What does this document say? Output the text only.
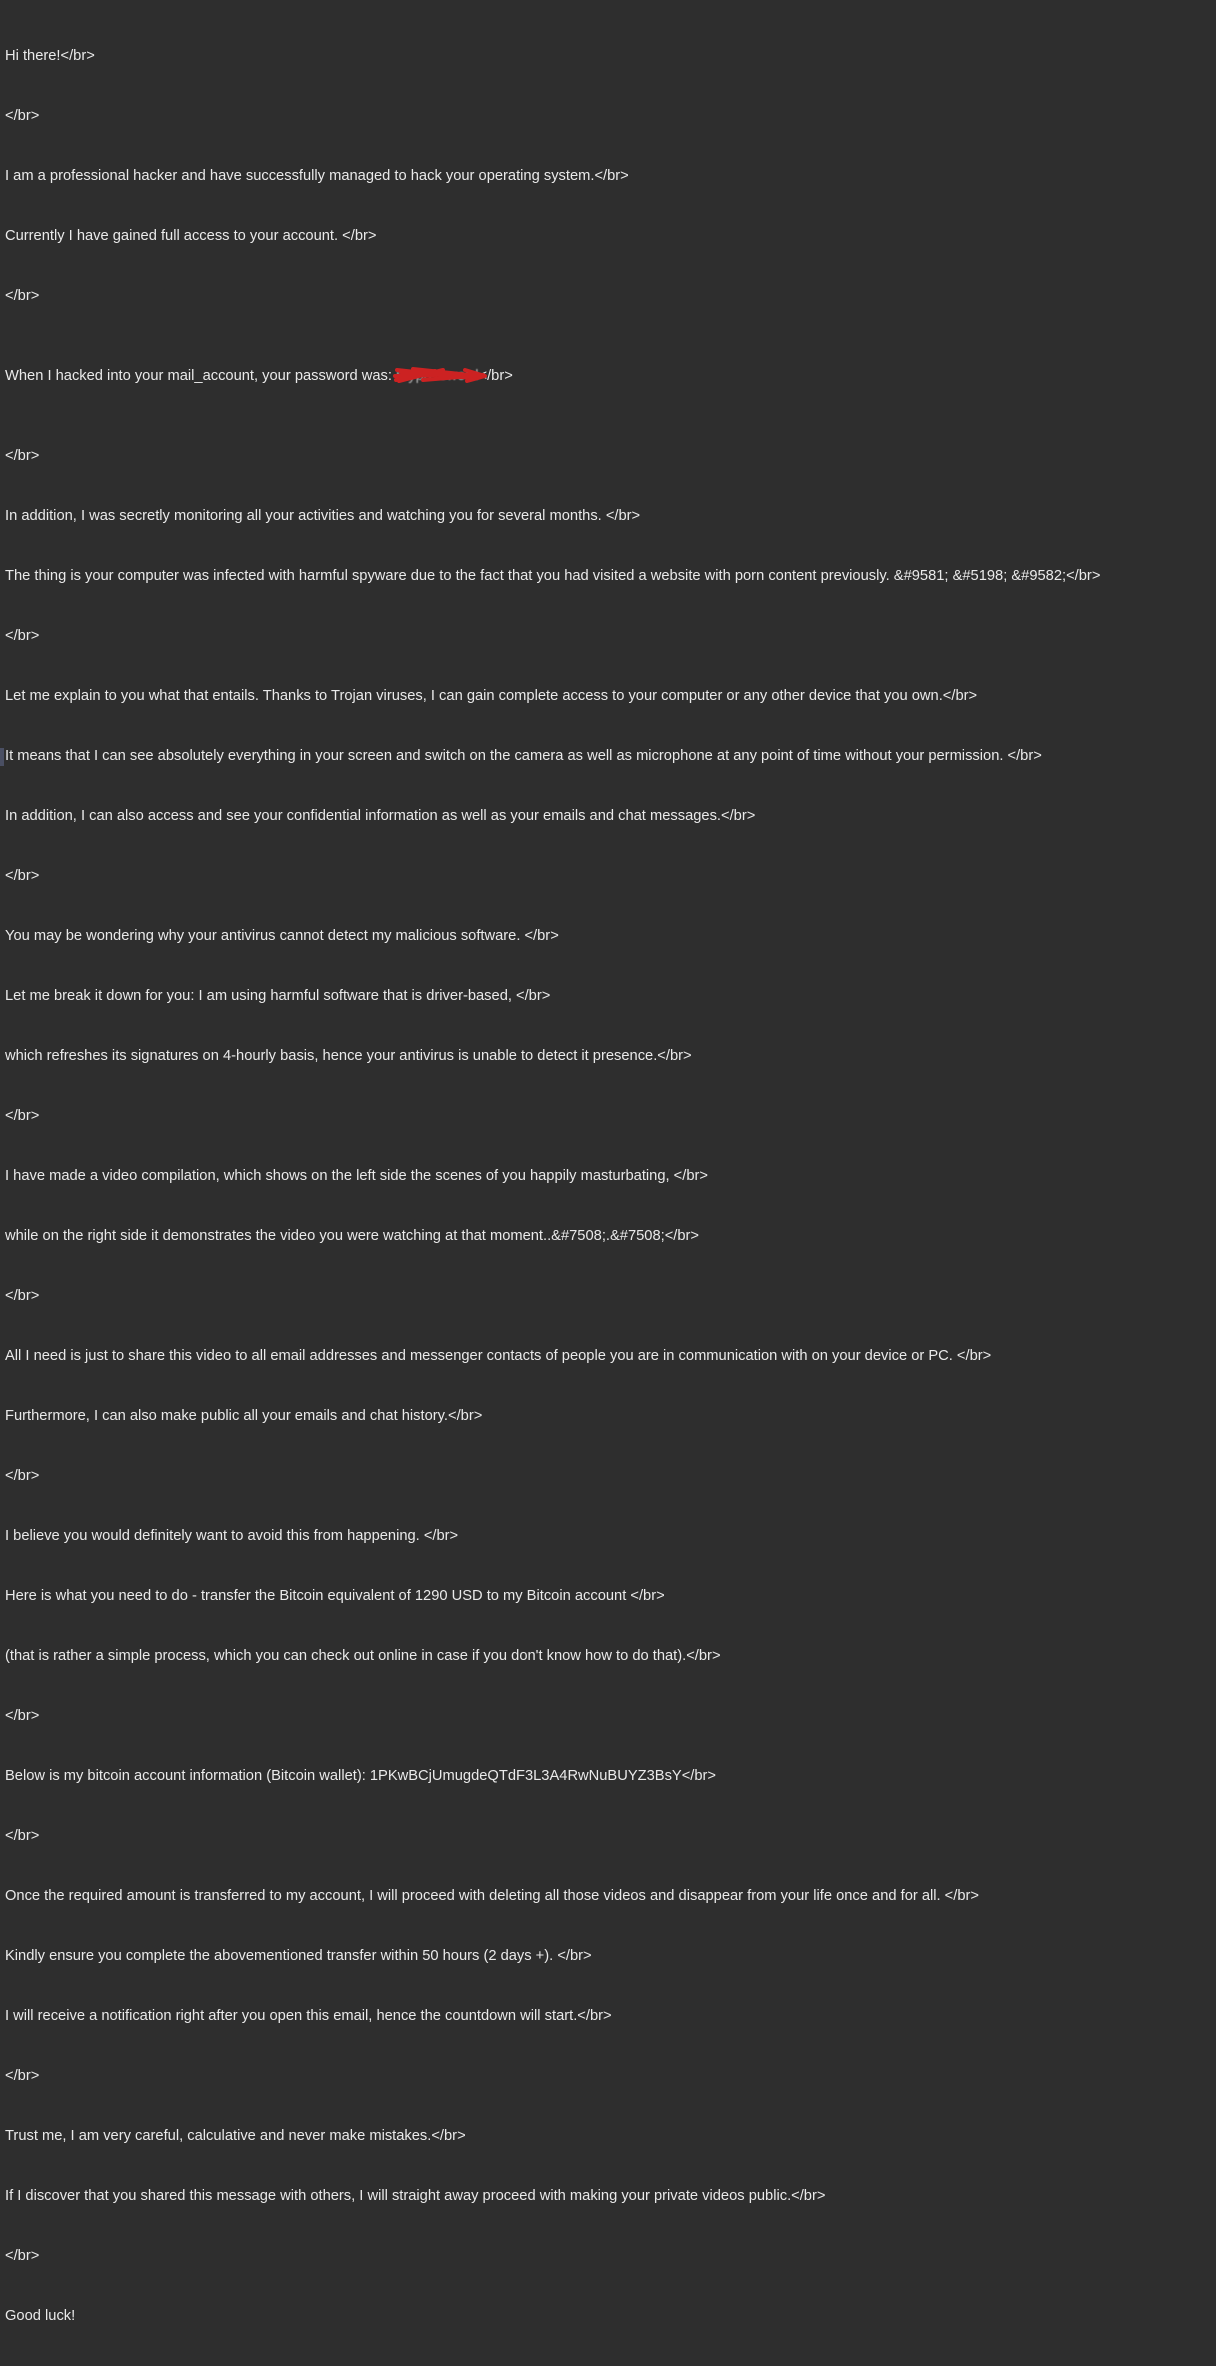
Hi there!</br>

</br>

I am a professional hacker and have successfully managed to hack your operating system.</br>

Currently I have gained full access to your account. </br>

</br>

When I hacked into your mail_account, your password was: mypassword
</br>

</br>

In addition, I was secretly monitoring all your activities and watching you for several months. </br>

The thing is your computer was infected with harmful spyware due to the fact that you had visited a website with porn content previously. &#9581; &#5198; &#9582;</br>

</br>

Let me explain to you what that entails. Thanks to Trojan viruses, I can gain complete access to your computer or any other device that you own.</br>

It means that I can see absolutely everything in your screen and switch on the camera as well as microphone at any point of time without your permission. </br>

In addition, I can also access and see your confidential information as well as your emails and chat messages.</br>

</br>

You may be wondering why your antivirus cannot detect my malicious software. </br>

Let me break it down for you: I am using harmful software that is driver-based, </br>

which refreshes its signatures on 4-hourly basis, hence your antivirus is unable to detect it presence.</br>

</br>

I have made a video compilation, which shows on the left side the scenes of you happily masturbating, </br>

while on the right side it demonstrates the video you were watching at that moment..&#7508;.&#7508;</br>

</br>

All I need is just to share this video to all email addresses and messenger contacts of people you are in communication with on your device or PC. </br>

Furthermore, I can also make public all your emails and chat history.</br>

</br>

I believe you would definitely want to avoid this from happening. </br>

Here is what you need to do - transfer the Bitcoin equivalent of 1290 USD to my Bitcoin account </br>

(that is rather a simple process, which you can check out online in case if you don't know how to do that).</br>

</br>

Below is my bitcoin account information (Bitcoin wallet): 1PKwBCjUmugdeQTdF3L3A4RwNuBUYZ3BsY</br>

</br>

Once the required amount is transferred to my account, I will proceed with deleting all those videos and disappear from your life once and for all. </br>

Kindly ensure you complete the abovementioned transfer within 50 hours (2 days +). </br>

I will receive a notification right after you open this email, hence the countdown will start.</br>

</br>

Trust me, I am very careful, calculative and never make mistakes.</br>

If I discover that you shared this message with others, I will straight away proceed with making your private videos public.</br>

</br>

Good luck!
